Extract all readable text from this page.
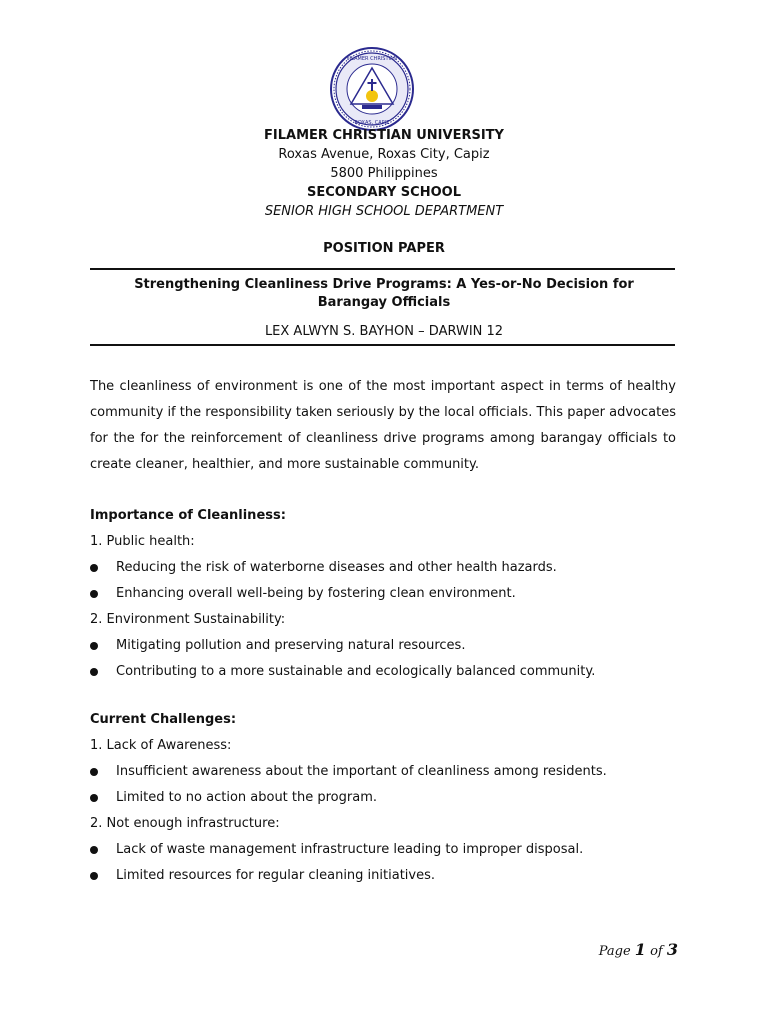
FILAMER CHRISTIAN
ROXAS, CAPIZ
FILAMER CHRISTIAN UNIVERSITY
Roxas Avenue, Roxas City, Capiz
5800 Philippines
SECONDARY SCHOOL
SENIOR HIGH SCHOOL DEPARTMENT
POSITION PAPER
Strengthening Cleanliness Drive Programs: A Yes-or-No Decision for Barangay Officials
LEX ALWYN S. BAYHON – DARWIN 12
The cleanliness of environment is one of the most important aspect in terms of healthy community if the responsibility taken seriously by the local officials. This paper advocates for the for the reinforcement of cleanliness drive programs among barangay officials to create cleaner, healthier, and more sustainable community.
Importance of Cleanliness:
1. Public health:
Reducing the risk of waterborne diseases and other health hazards.
Enhancing overall well-being by fostering clean environment.
2. Environment Sustainability:
Mitigating pollution and preserving natural resources.
Contributing to a more sustainable and ecologically balanced community.
Current Challenges:
1. Lack of Awareness:
Insufficient awareness about the important of cleanliness among residents.
Limited to no action about the program.
2. Not enough infrastructure:
Lack of waste management infrastructure leading to improper disposal.
Limited resources for regular cleaning initiatives.
Page 1 of 3
